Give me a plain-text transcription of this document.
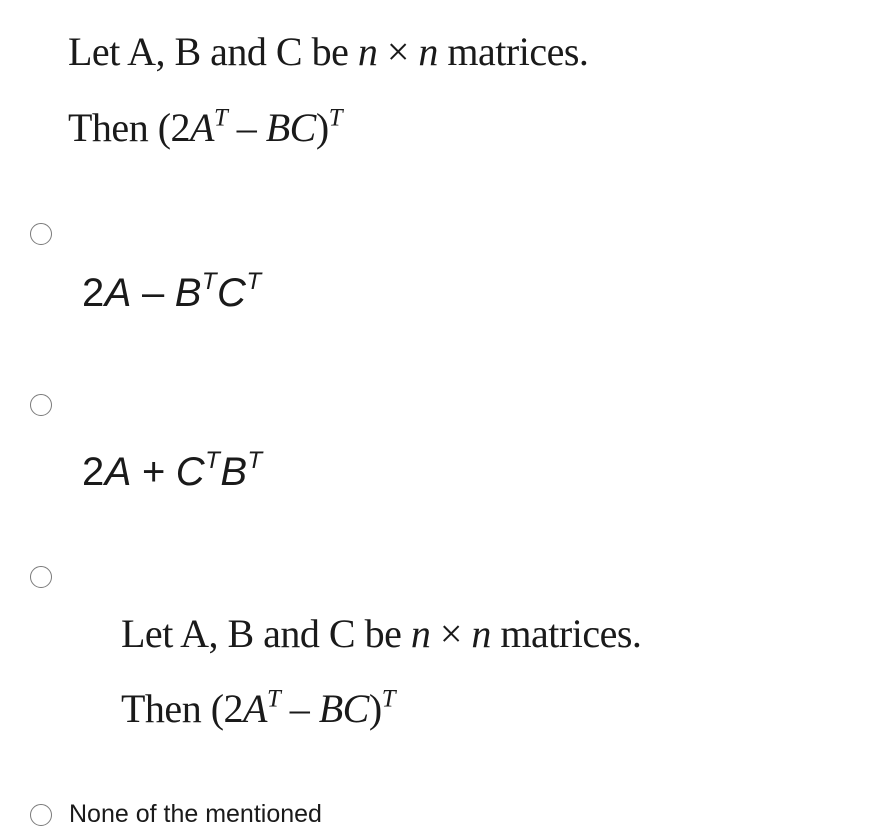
Let A, B and C be n × n matrices.
Then $(2A^T - BC)^T$
$2A - B^TC^T$
$2A + C^TB^T$
Let A, B and C be n × n matrices.
Then $(2A^T - BC)^T$
None of the mentioned
